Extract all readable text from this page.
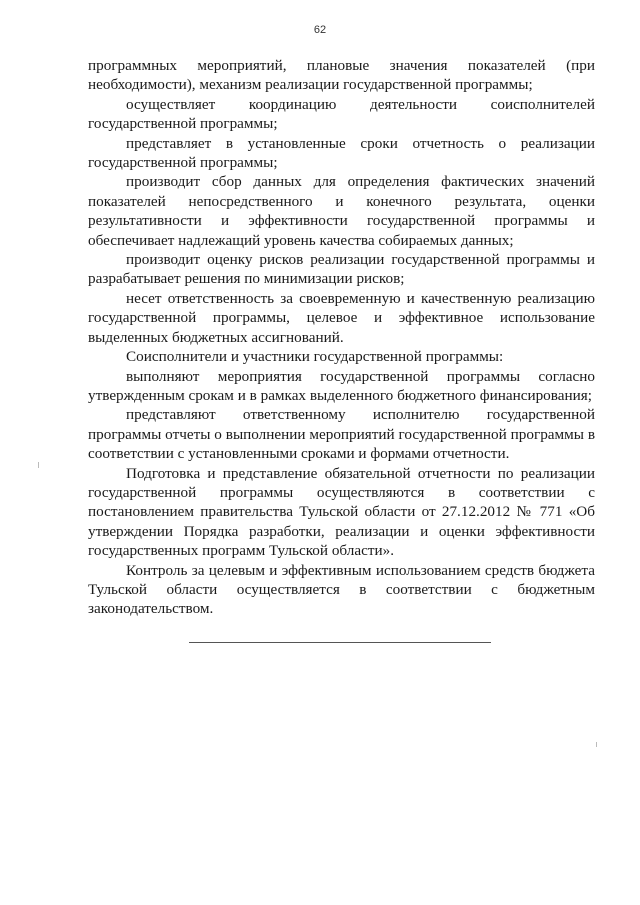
62

программных мероприятий, плановые значения показателей (при необходимости), механизм реализации государственной программы;

осуществляет координацию деятельности соисполнителей государственной программы;

представляет в установленные сроки отчетность о реализации государственной программы;

производит сбор данных для определения фактических значений показателей непосредственного и конечного результата, оценки результативности и эффективности государственной программы и обеспечивает надлежащий уровень качества собираемых данных;

производит оценку рисков реализации государственной программы и разрабатывает решения по минимизации рисков;

несет ответственность за своевременную и качественную реализацию государственной программы, целевое и эффективное использование выделенных бюджетных ассигнований.

Соисполнители и участники государственной программы:

выполняют мероприятия государственной программы согласно утвержденным срокам и в рамках выделенного бюджетного финансирования;

представляют ответственному исполнителю государственной программы отчеты о выполнении мероприятий государственной программы в соответствии с установленными сроками и формами отчетности.

Подготовка и представление обязательной отчетности по реализации государственной программы осуществляются в соответствии с постановлением правительства Тульской области от 27.12.2012 № 771 «Об утверждении Порядка разработки, реализации и оценки эффективности государственных программ Тульской области».

Контроль за целевым и эффективным использованием средств бюджета Тульской области осуществляется в соответствии с бюджетным законодательством.
